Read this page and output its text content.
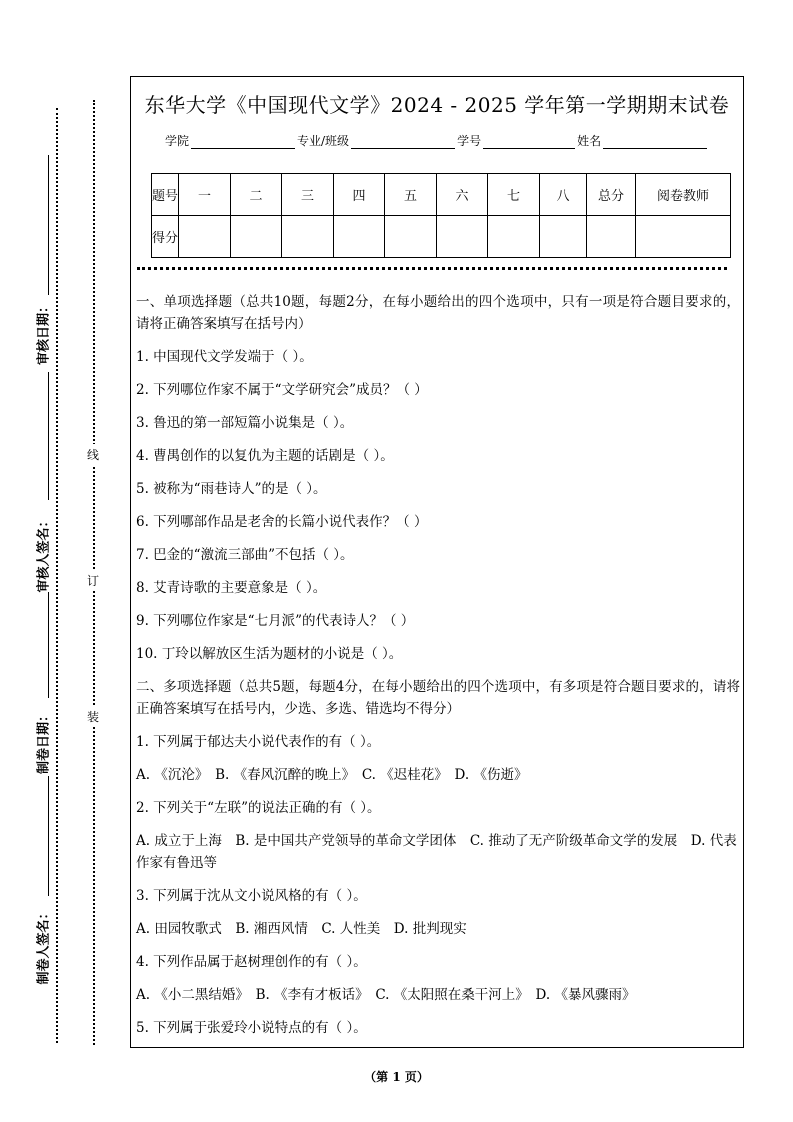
审核日期：
审核人签名：
制卷日期：
制卷人签名：
线
订
装
东华大学《中国现代文学》2024 - 2025 学年第一学期期末试卷
学院	专业/班级	学号	姓名
题号	一	二	三	四	五	六	七	八	总分	阅卷教师
得分										

一、单项选择题（总共10题，每题2分，在每小题给出的四个选项中，只有一项是符合题目要求的，请将正确答案填写在括号内）

1. 中国现代文学发端于（ ）。

2. 下列哪位作家不属于“文学研究会”成员？（ ）

3. 鲁迅的第一部短篇小说集是（ ）。

4. 曹禺创作的以复仇为主题的话剧是（ ）。

5. 被称为“雨巷诗人”的是（ ）。

6. 下列哪部作品是老舍的长篇小说代表作？（ ）

7. 巴金的“激流三部曲”不包括（ ）。

8. 艾青诗歌的主要意象是（ ）。

9. 下列哪位作家是“七月派”的代表诗人？（ ）

10. 丁玲以解放区生活为题材的小说是（ ）。

二、多项选择题（总共5题，每题4分，在每小题给出的四个选项中，有多项是符合题目要求的，请将正确答案填写在括号内，少选、多选、错选均不得分）

1. 下列属于郁达夫小说代表作的有（ ）。

A. 《沉沦》　B. 《春风沉醉的晚上》　C. 《迟桂花》　D. 《伤逝》

2. 下列关于“左联”的说法正确的有（ ）。

A. 成立于上海　B. 是中国共产党领导的革命文学团体　C. 推动了无产阶级革命文学的发展　D. 代表作家有鲁迅等

3. 下列属于沈从文小说风格的有（ ）。

A. 田园牧歌式　B. 湘西风情　C. 人性美　D. 批判现实

4. 下列作品属于赵树理创作的有（ ）。

A. 《小二黑结婚》　B. 《李有才板话》　C. 《太阳照在桑干河上》　D. 《暴风骤雨》

5. 下列属于张爱玲小说特点的有（ ）。

（第 1 页）
